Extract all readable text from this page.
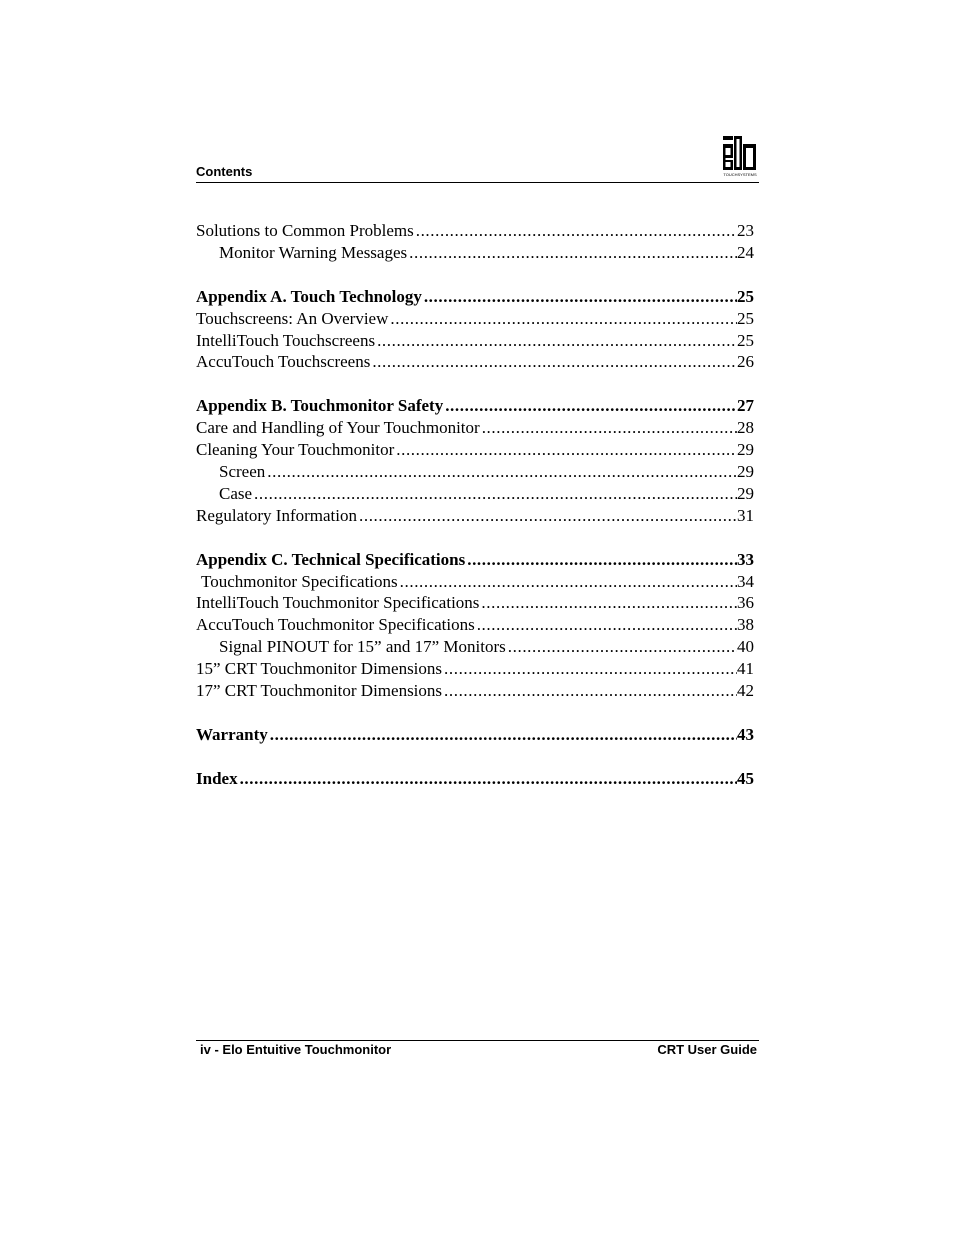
Contents	TOUCHSYSTEMS
Solutions to Common Problems .....	23
Monitor Warning Messages .....	24
Appendix A. Touch Technology .....	25
Touchscreens: An Overview .....	25
IntelliTouch Touchscreens .....	25
AccuTouch Touchscreens .....	26
Appendix B. Touchmonitor Safety .....	27
Care and Handling of Your Touchmonitor .....	28
Cleaning Your Touchmonitor .....	29
Screen .....	29
Case .....	29
Regulatory Information .....	31
Appendix C. Technical Specifications .....	33
Touchmonitor Specifications .....	34
IntelliTouch Touchmonitor Specifications .....	36
AccuTouch Touchmonitor Specifications .....	38
Signal PINOUT for 15” and 17” Monitors .....	40
15” CRT Touchmonitor Dimensions .....	41
17” CRT Touchmonitor Dimensions .....	42
Warranty .....	43
Index .....	45
iv - Elo Entuitive Touchmonitor	CRT User Guide
